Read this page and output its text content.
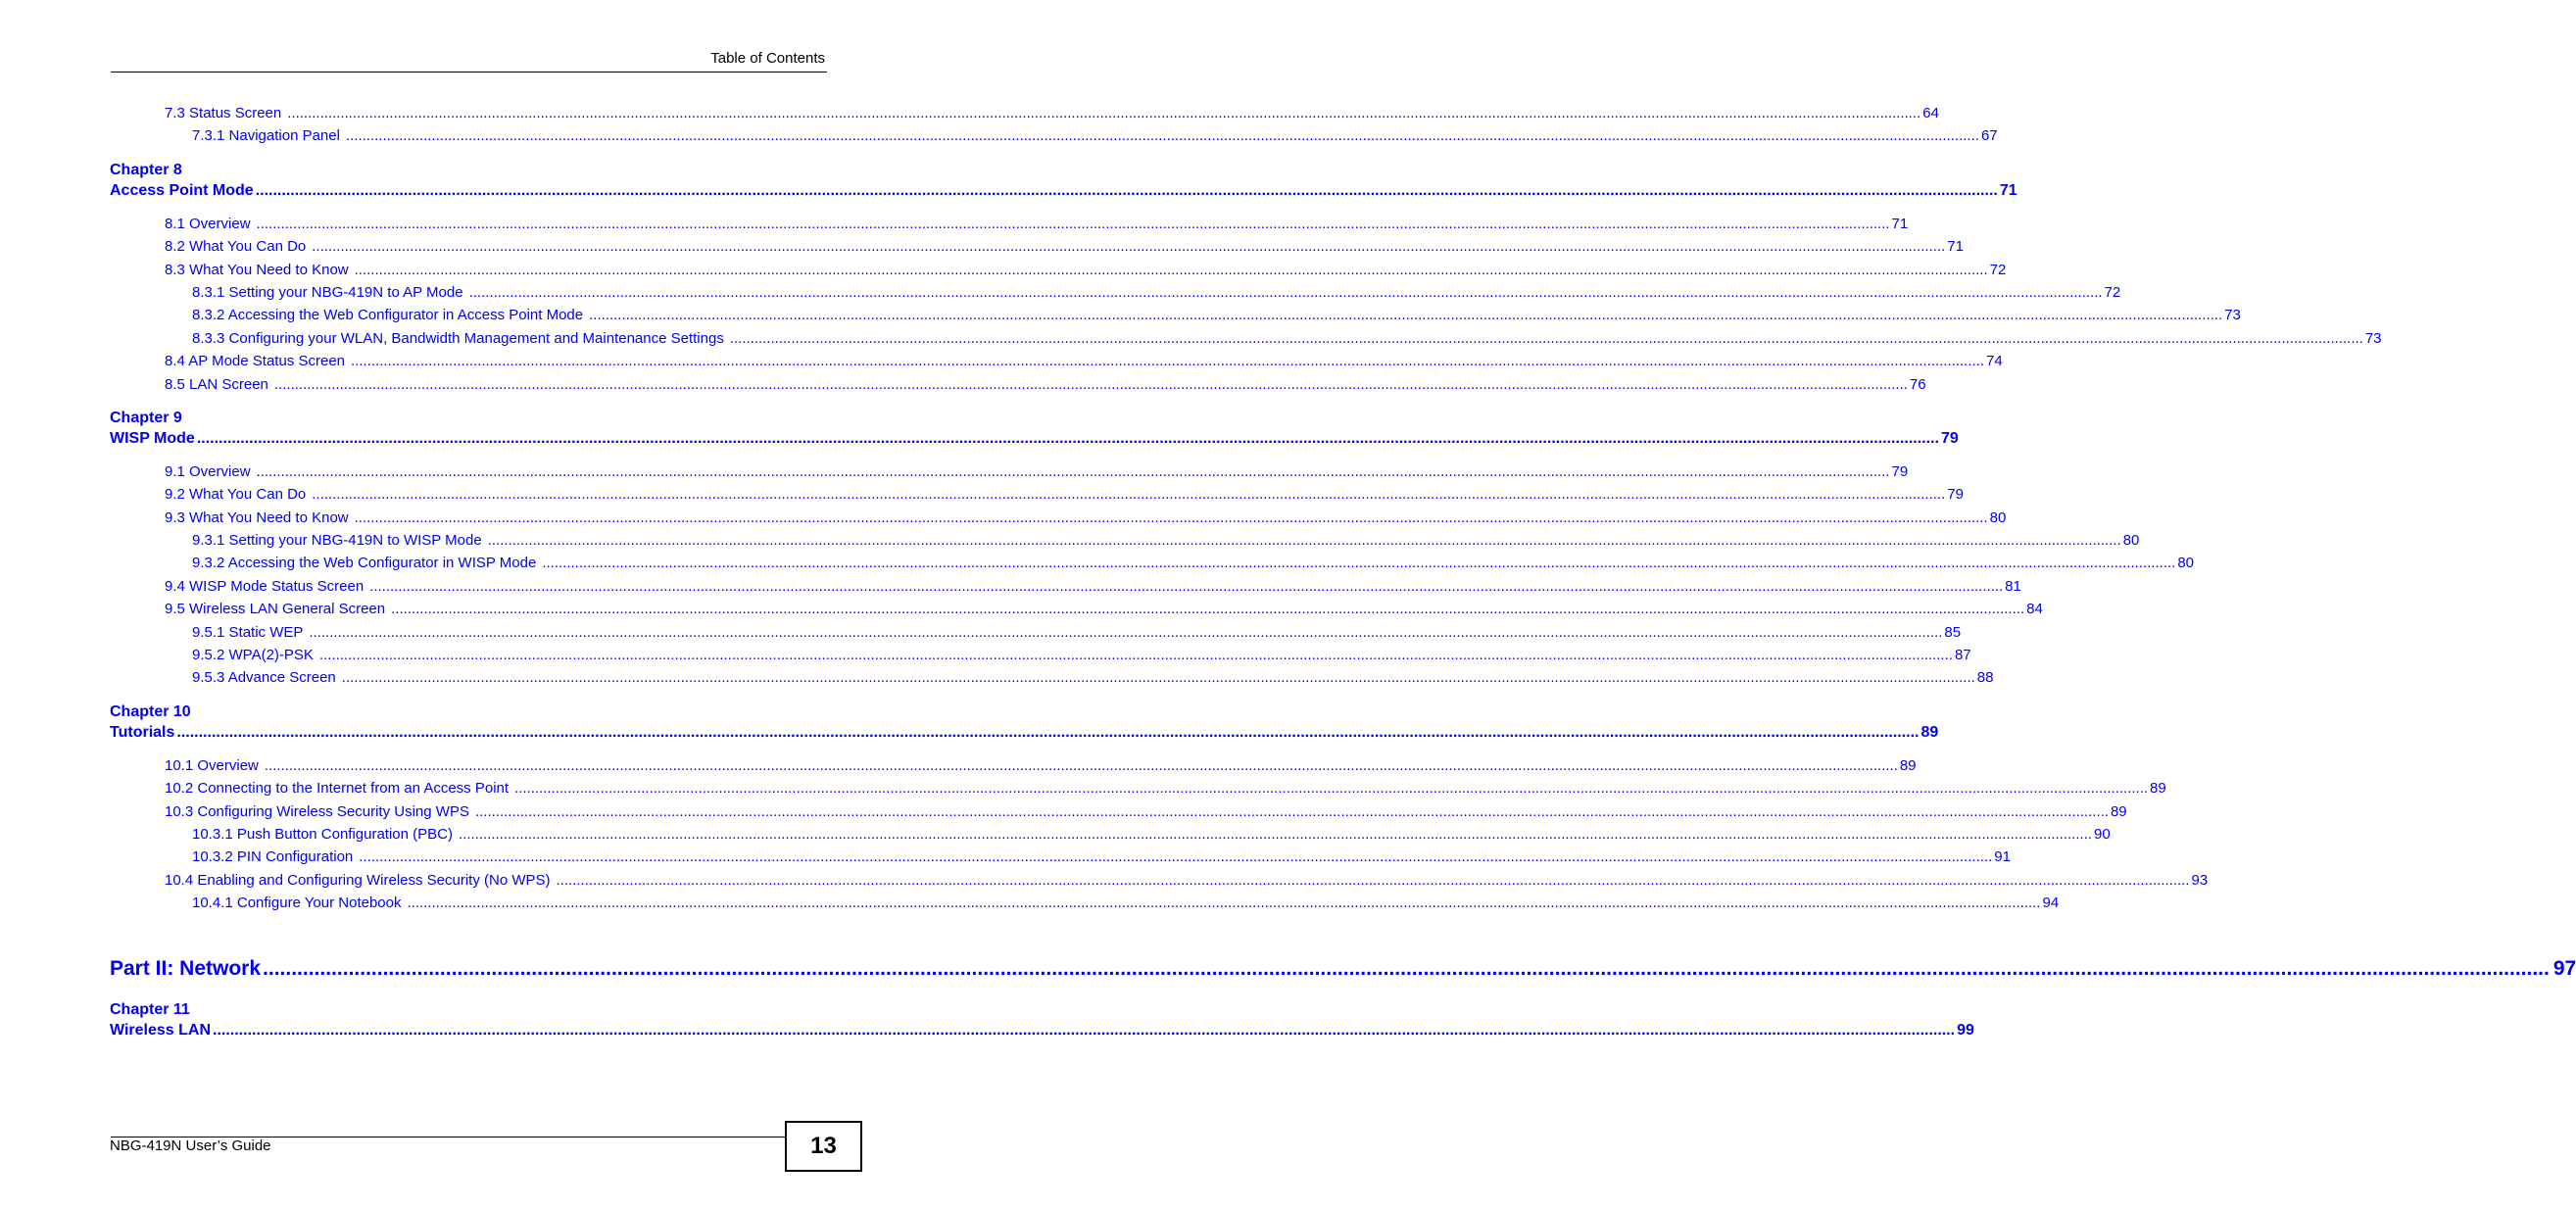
Table of Contents
7.3 Status Screen ................................................................................................................................................................................................................................................................................................................................................................................................................ 64
7.3.1 Navigation Panel ................................................................................................................................................................................................................................................................................................................................................................................................................ 67
Chapter 8
Access Point Mode ................................................................................................................................................................................................................................................................................................................................................................................................................ 71
8.1 Overview ................................................................................................................................................................................................................................................................................................................................................................................................................ 71
8.2 What You Can Do ................................................................................................................................................................................................................................................................................................................................................................................................................ 71
8.3 What You Need to Know ................................................................................................................................................................................................................................................................................................................................................................................................................ 72
8.3.1 Setting your NBG-419N to AP Mode ................................................................................................................................................................................................................................................................................................................................................................................................................ 72
8.3.2 Accessing the Web Configurator in Access Point Mode ................................................................................................................................................................................................................................................................................................................................................................................................................ 73
8.3.3 Configuring your WLAN, Bandwidth Management and Maintenance Settings ................................................................................................................................................................................................................................................................................................................................................................................................................ 73
8.4 AP Mode Status Screen ................................................................................................................................................................................................................................................................................................................................................................................................................ 74
8.5 LAN Screen ................................................................................................................................................................................................................................................................................................................................................................................................................ 76
Chapter 9
WISP Mode ................................................................................................................................................................................................................................................................................................................................................................................................................ 79
9.1 Overview ................................................................................................................................................................................................................................................................................................................................................................................................................ 79
9.2 What You Can Do ................................................................................................................................................................................................................................................................................................................................................................................................................ 79
9.3 What You Need to Know ................................................................................................................................................................................................................................................................................................................................................................................................................ 80
9.3.1 Setting your NBG-419N to WISP Mode ................................................................................................................................................................................................................................................................................................................................................................................................................ 80
9.3.2 Accessing the Web Configurator in WISP Mode ................................................................................................................................................................................................................................................................................................................................................................................................................ 80
9.4 WISP Mode Status Screen ................................................................................................................................................................................................................................................................................................................................................................................................................ 81
9.5 Wireless LAN General Screen ................................................................................................................................................................................................................................................................................................................................................................................................................ 84
9.5.1 Static WEP ................................................................................................................................................................................................................................................................................................................................................................................................................ 85
9.5.2 WPA(2)-PSK ................................................................................................................................................................................................................................................................................................................................................................................................................ 87
9.5.3 Advance Screen ................................................................................................................................................................................................................................................................................................................................................................................................................ 88
Chapter 10
Tutorials ................................................................................................................................................................................................................................................................................................................................................................................................................ 89
10.1 Overview ................................................................................................................................................................................................................................................................................................................................................................................................................ 89
10.2 Connecting to the Internet from an Access Point ................................................................................................................................................................................................................................................................................................................................................................................................................ 89
10.3 Configuring Wireless Security Using WPS ................................................................................................................................................................................................................................................................................................................................................................................................................ 89
10.3.1 Push Button Configuration (PBC) ................................................................................................................................................................................................................................................................................................................................................................................................................ 90
10.3.2 PIN Configuration ................................................................................................................................................................................................................................................................................................................................................................................................................ 91
10.4 Enabling and Configuring Wireless Security (No WPS) ................................................................................................................................................................................................................................................................................................................................................................................................................ 93
10.4.1 Configure Your Notebook ................................................................................................................................................................................................................................................................................................................................................................................................................ 94
Part II: Network ................................................................................................................................................................................................................................................................................................................................................................................................................ 97
Chapter 11
Wireless LAN ................................................................................................................................................................................................................................................................................................................................................................................................................ 99
NBG-419N User’s Guide	13
